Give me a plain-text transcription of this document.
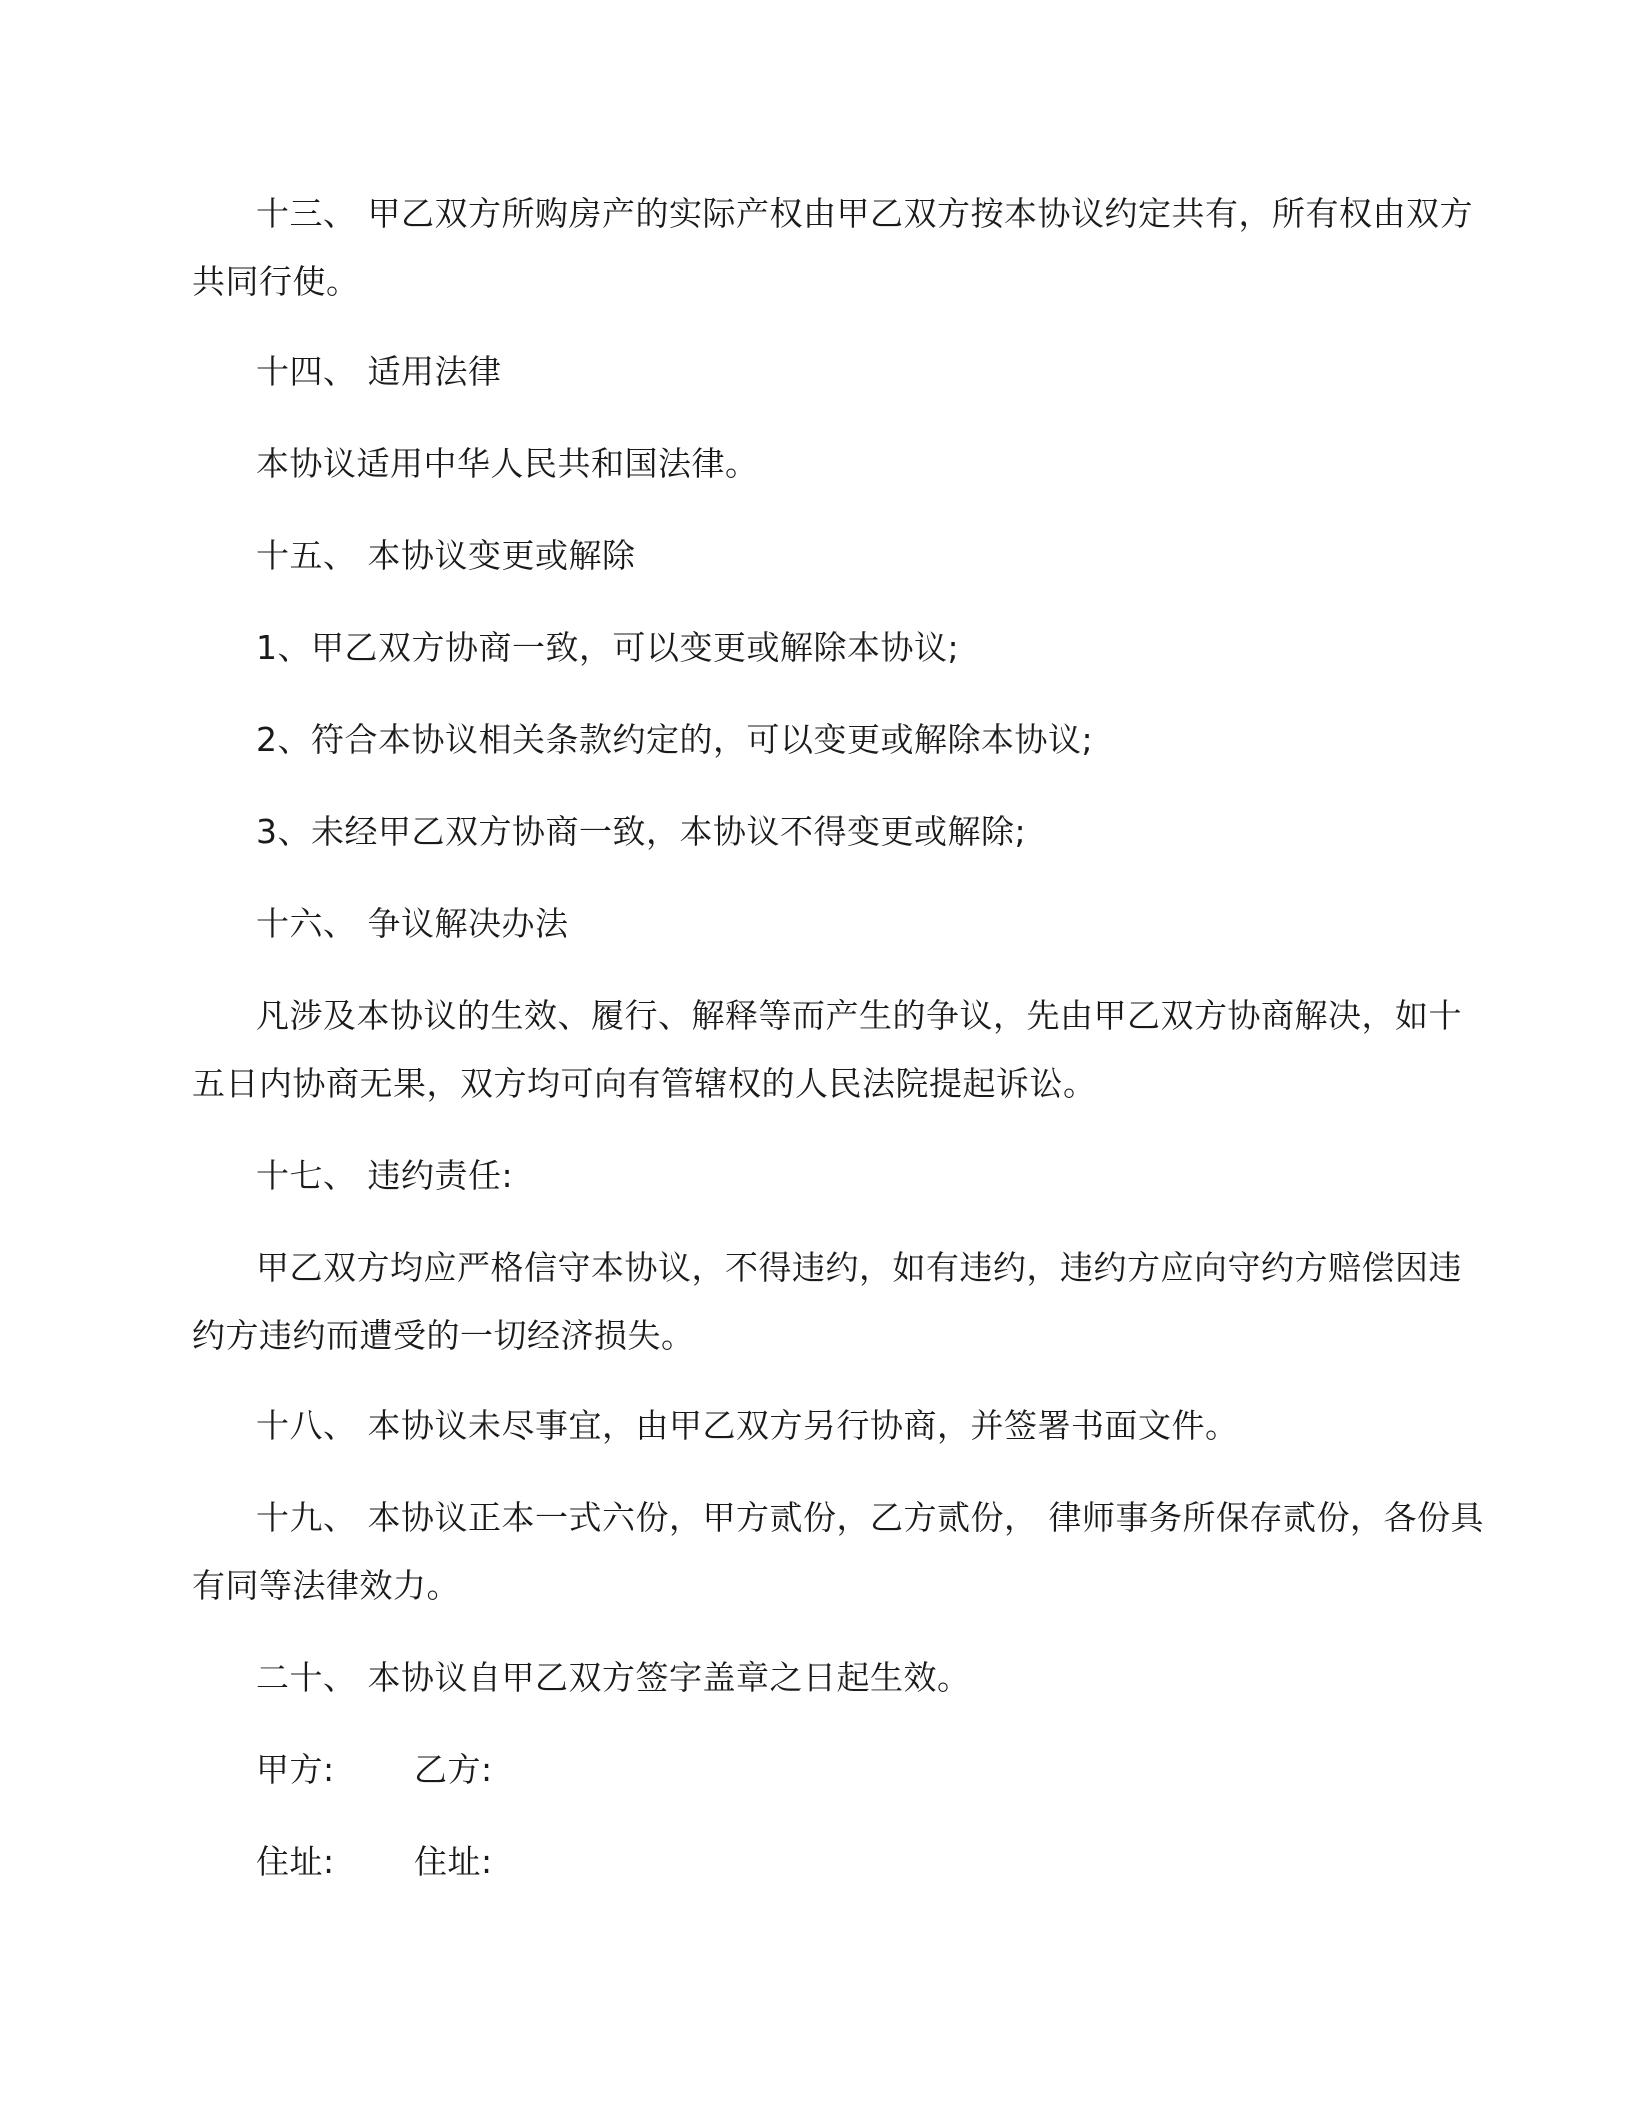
十三、 甲乙双方所购房产的实际产权由甲乙双方按本协议约定共有，所有权由双方
共同行使。
十四、 适用法律
本协议适用中华人民共和国法律。
十五、 本协议变更或解除
1、甲乙双方协商一致，可以变更或解除本协议;
2、符合本协议相关条款约定的，可以变更或解除本协议;
3、未经甲乙双方协商一致，本协议不得变更或解除;
十六、 争议解决办法
凡涉及本协议的生效、履行、解释等而产生的争议，先由甲乙双方协商解决，如十
五日内协商无果，双方均可向有管辖权的人民法院提起诉讼。
十七、 违约责任:
甲乙双方均应严格信守本协议，不得违约，如有违约，违约方应向守约方赔偿因违
约方违约而遭受的一切经济损失。
十八、 本协议未尽事宜，由甲乙双方另行协商，并签署书面文件。
十九、 本协议正本一式六份，甲方贰份，乙方贰份， 律师事务所保存贰份，各份具
有同等法律效力。
二十、 本协议自甲乙双方签字盖章之日起生效。
甲方: 乙方:
住址: 住址:
